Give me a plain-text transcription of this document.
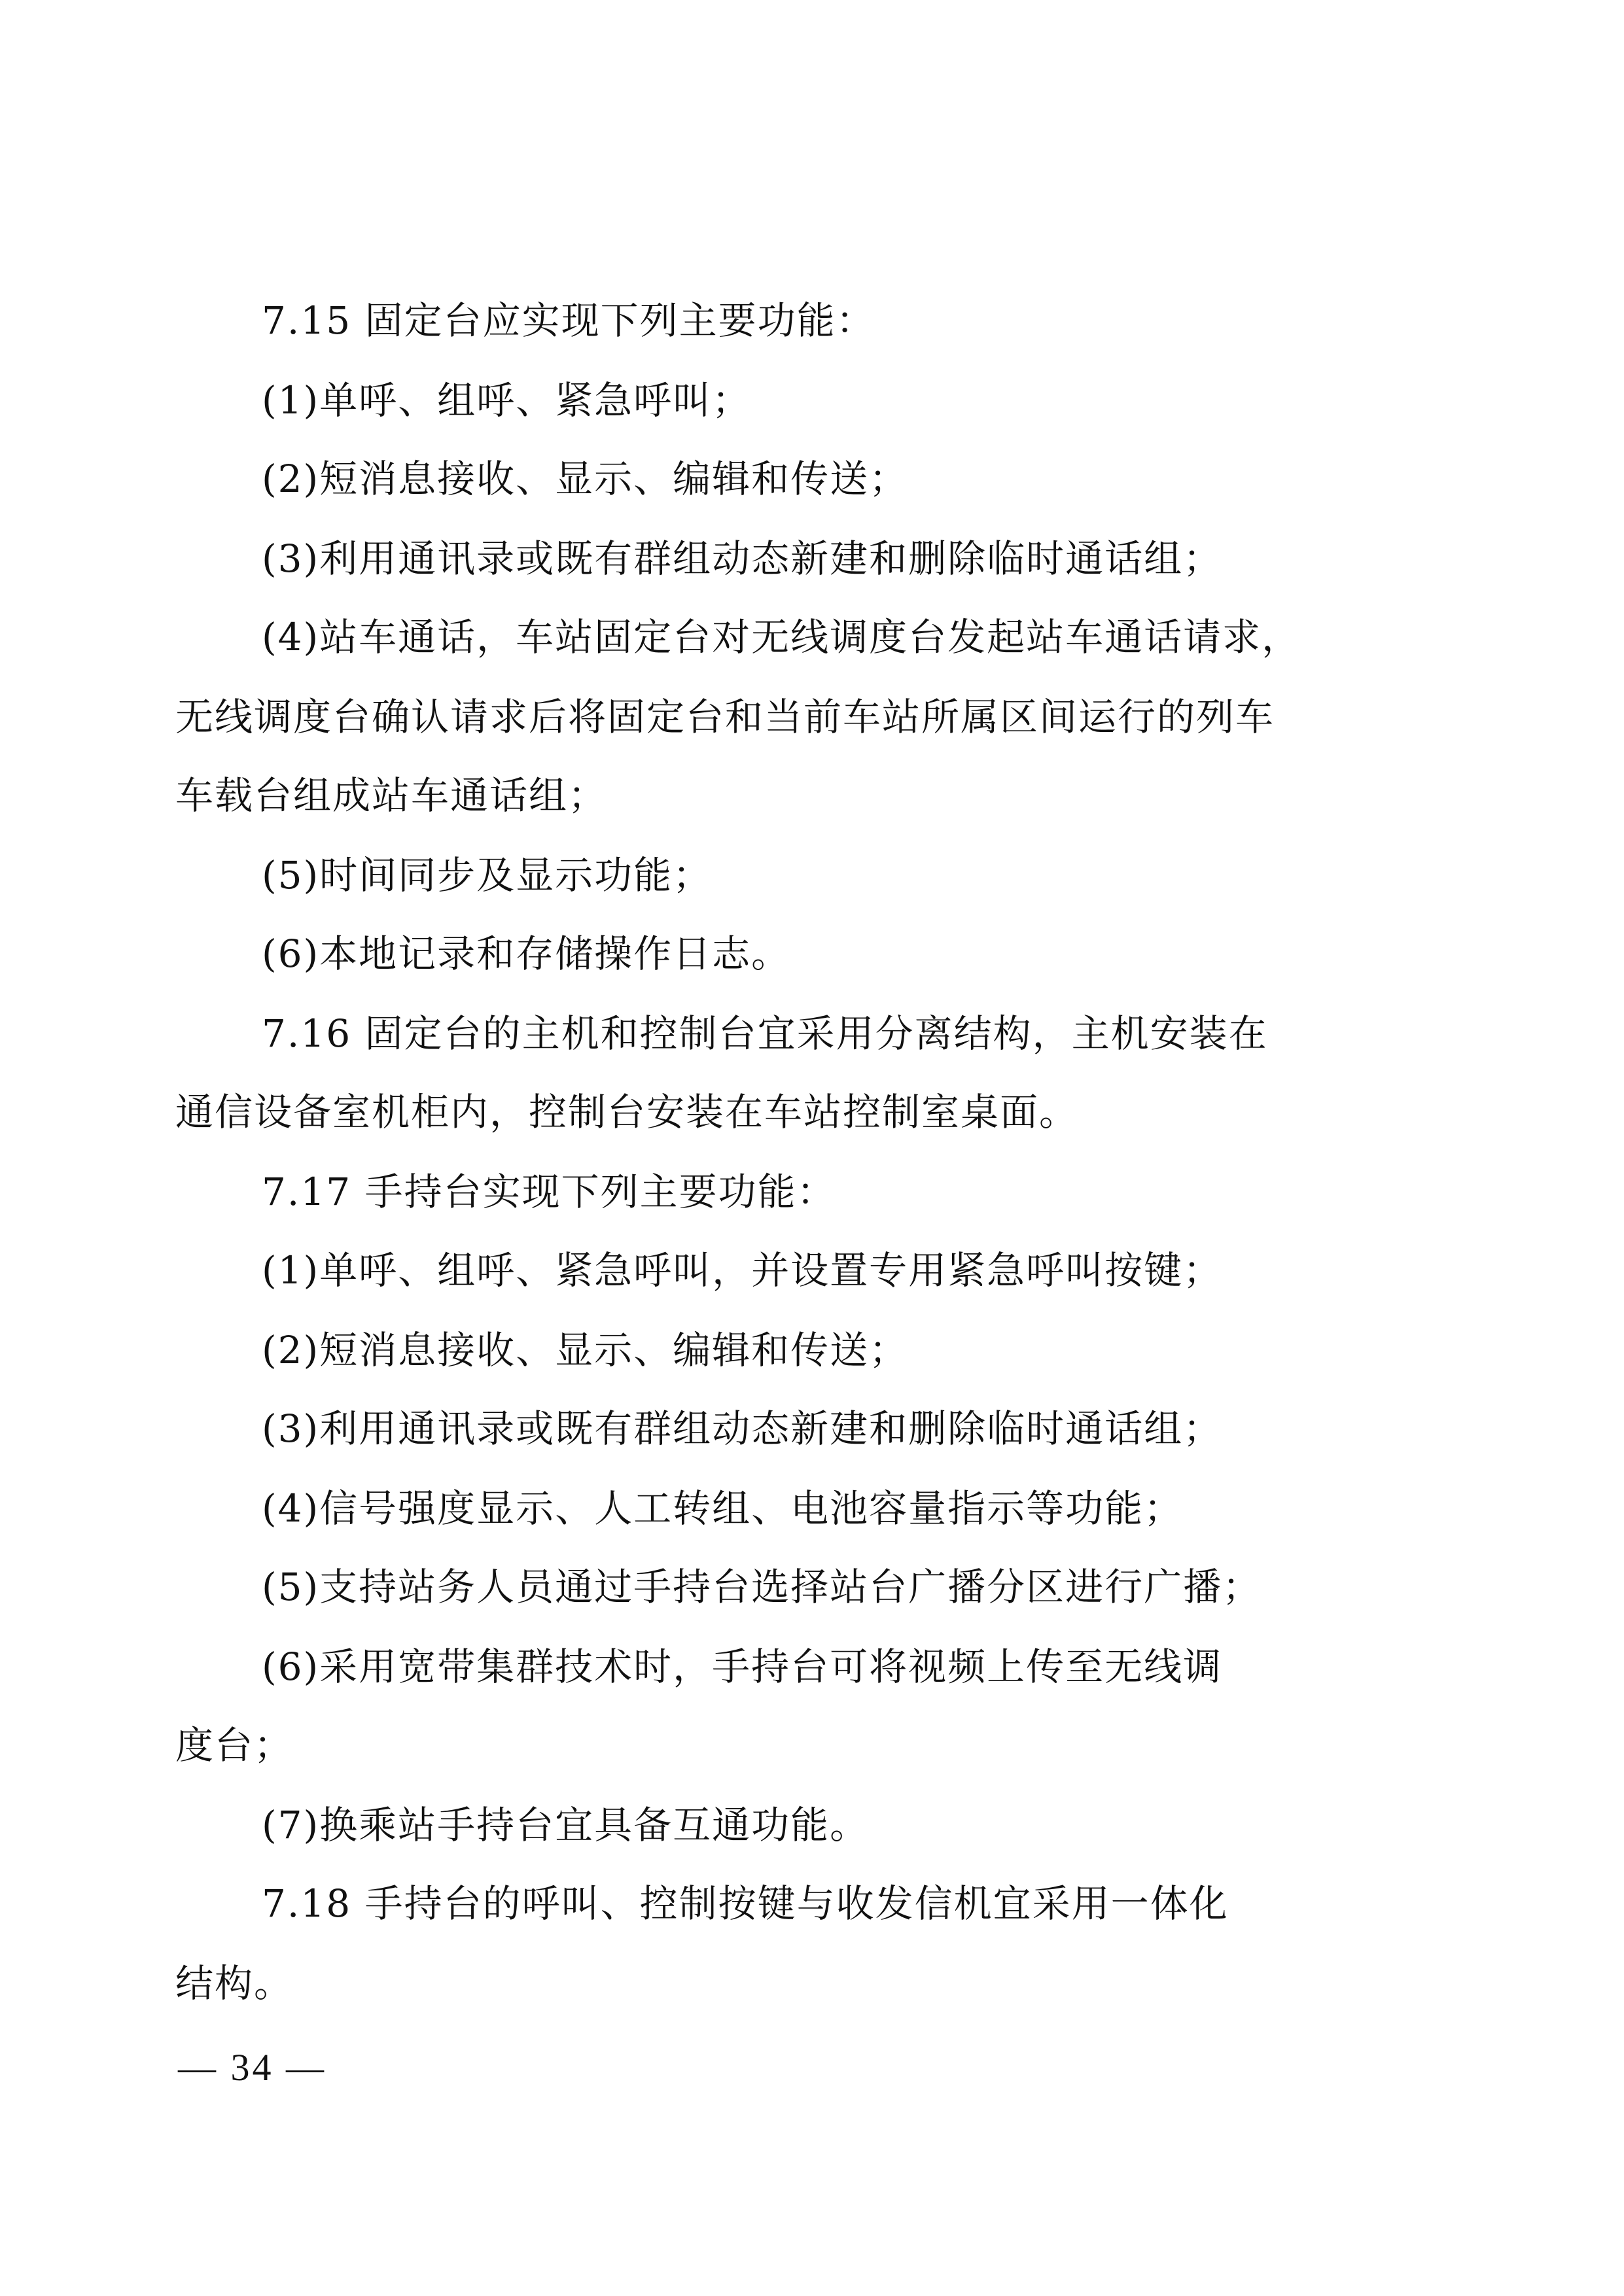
7.15 固定台应实现下列主要功能：
(1)单呼、组呼、紧急呼叫；
(2)短消息接收、显示、编辑和传送；
(3)利用通讯录或既有群组动态新建和删除临时通话组；
(4)站车通话，车站固定台对无线调度台发起站车通话请求，
无线调度台确认请求后将固定台和当前车站所属区间运行的列车
车载台组成站车通话组；
(5)时间同步及显示功能；
(6)本地记录和存储操作日志。
7.16 固定台的主机和控制台宜采用分离结构，主机安装在
通信设备室机柜内，控制台安装在车站控制室桌面。
7.17 手持台实现下列主要功能：
(1)单呼、组呼、紧急呼叫，并设置专用紧急呼叫按键；
(2)短消息接收、显示、编辑和传送；
(3)利用通讯录或既有群组动态新建和删除临时通话组；
(4)信号强度显示、人工转组、电池容量指示等功能；
(5)支持站务人员通过手持台选择站台广播分区进行广播；
(6)采用宽带集群技术时，手持台可将视频上传至无线调
度台；
(7)换乘站手持台宜具备互通功能。
7.18 手持台的呼叫、控制按键与收发信机宜采用一体化
结构。
— 34 —
